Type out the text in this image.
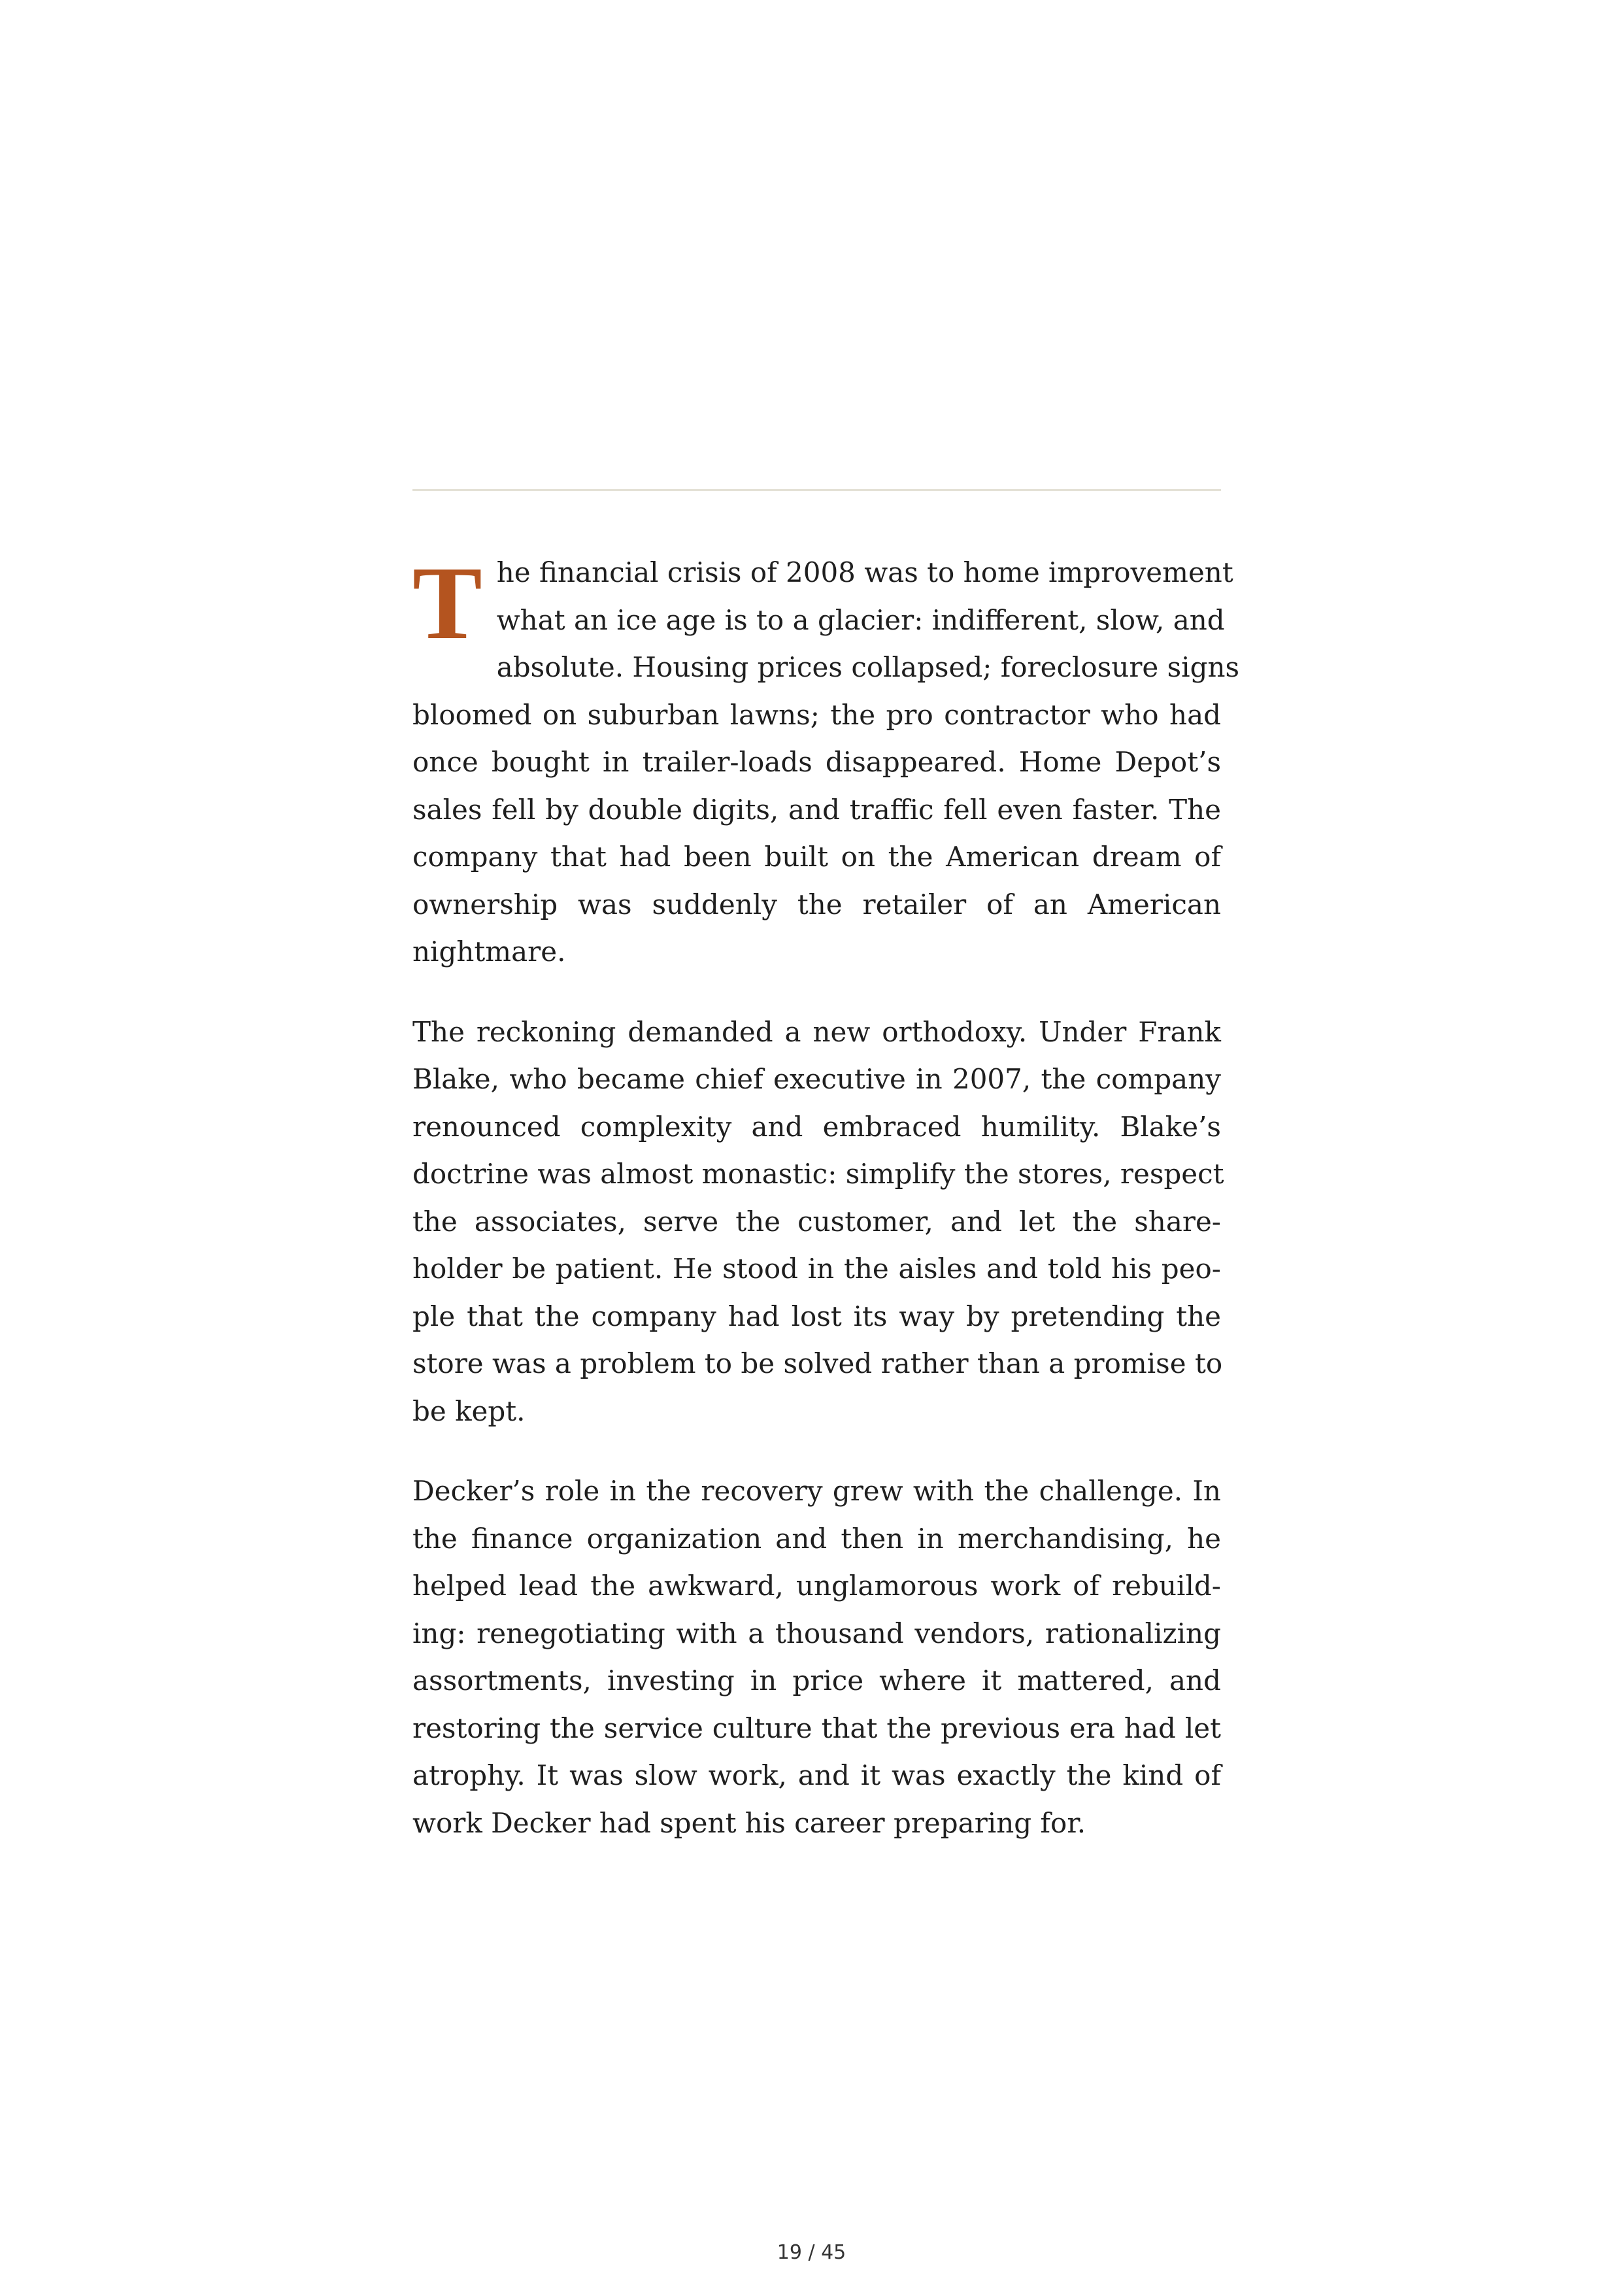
T he financial crisis of 2008 was to home improvement
what an ice age is to a glacier: indifferent, slow, and
absolute. Housing prices collapsed; foreclosure signs
bloomed on suburban lawns; the pro contractor who had
once bought in trailer-loads disappeared. Home Depot’s
sales fell by double digits, and traffic fell even faster. The
company that had been built on the American dream of
ownership was suddenly the retailer of an American
nightmare.
The reckoning demanded a new orthodoxy. Under Frank
Blake, who became chief executive in 2007, the company
renounced complexity and embraced humility. Blake’s
doctrine was almost monastic: simplify the stores, respect
the associates, serve the customer, and let the share-
holder be patient. He stood in the aisles and told his peo-
ple that the company had lost its way by pretending the
store was a problem to be solved rather than a promise to
be kept.
Decker’s role in the recovery grew with the challenge. In
the finance organization and then in merchandising, he
helped lead the awkward, unglamorous work of rebuild-
ing: renegotiating with a thousand vendors, rationalizing
assortments, investing in price where it mattered, and
restoring the service culture that the previous era had let
atrophy. It was slow work, and it was exactly the kind of
work Decker had spent his career preparing for.
19 / 45
